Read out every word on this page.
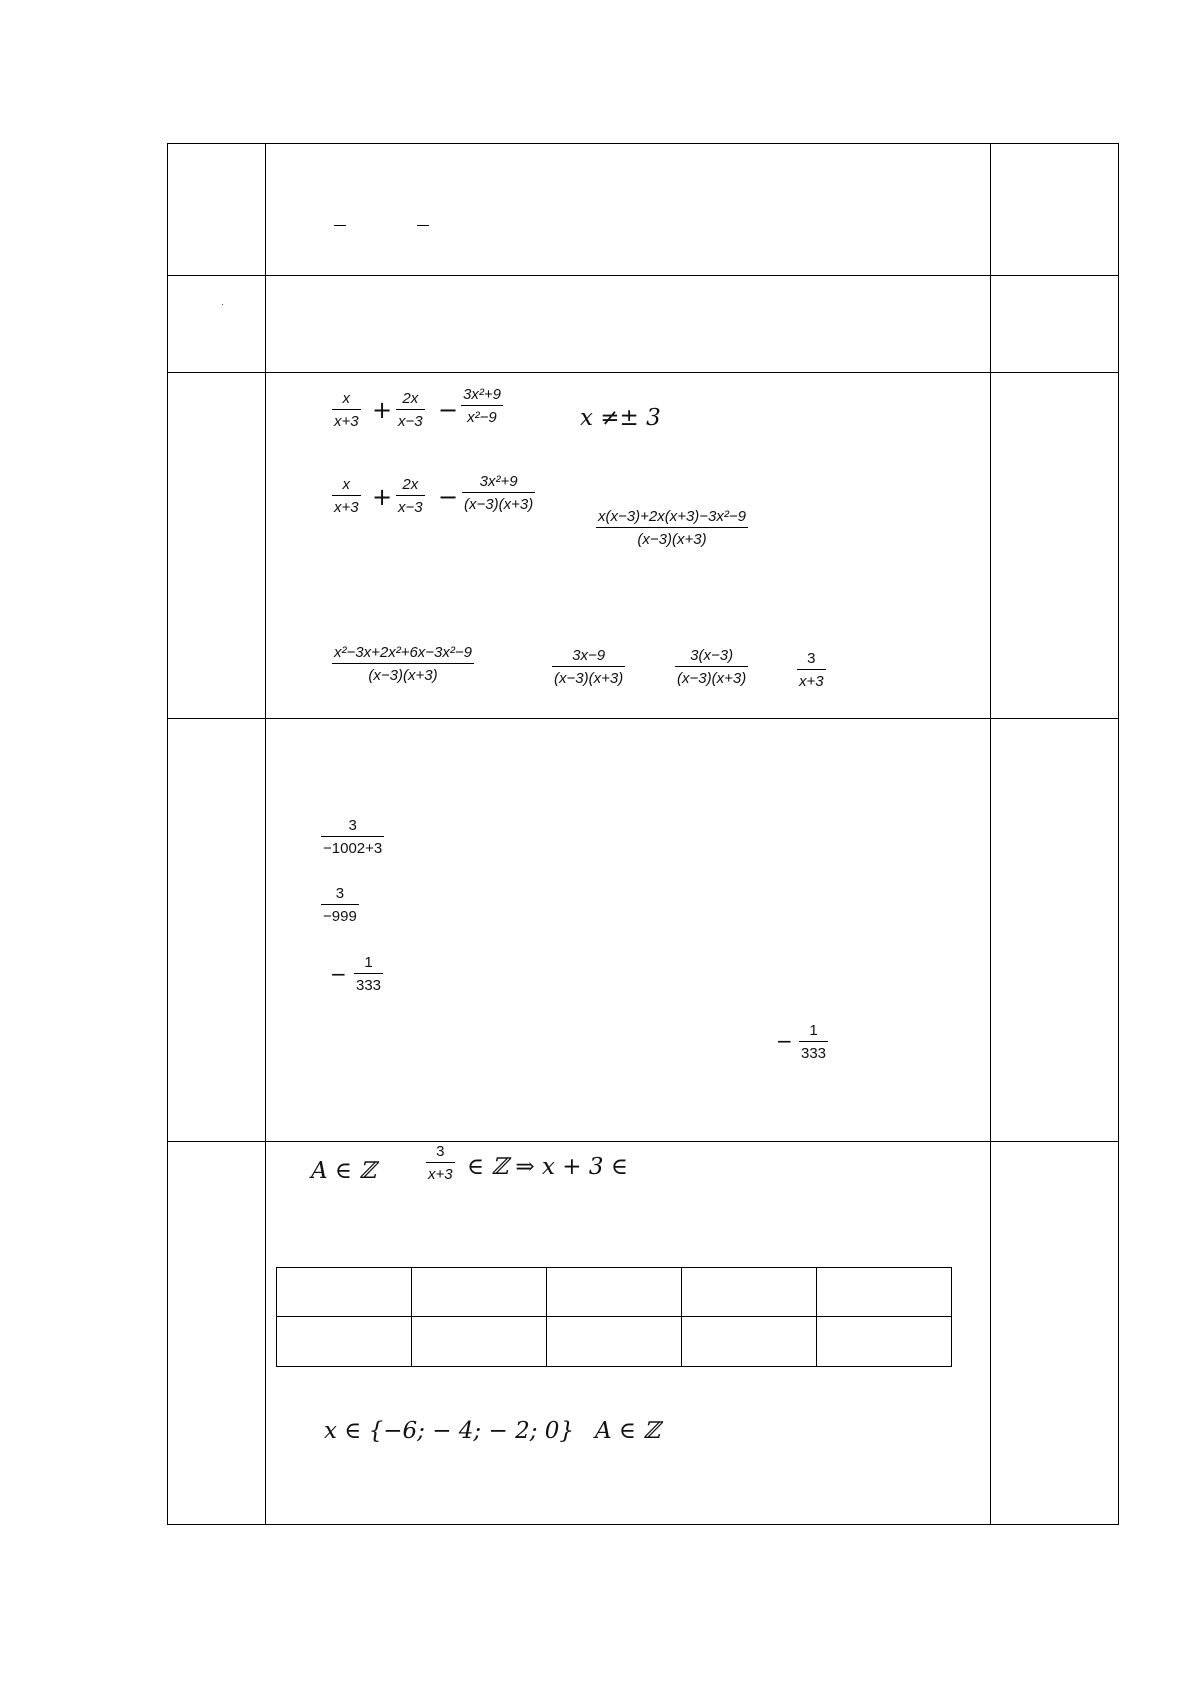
x
x+3 + 2x
x−3 −
3x²+9
x²−9	x ≠± 3
x
x+3 + 2x
x−3 −
3x²+9
(x−3)(x+3)
x(x−3)+2x(x+3)−3x²−9
(x−3)(x+3)
x²−3x+2x²+6x−3x²−9
(x−3)(x+3)
3x−9
(x−3)(x+3)
3(x−3)
(x−3)(x+3)
3
x+3
3
−1002+3
3
−999
− 1
333
− 1
333
A ∈ ℤ
3
x+3 ∈ ℤ ⇒ x + 3 ∈
x ∈ {−6; − 4; − 2; 0} A ∈ ℤ
